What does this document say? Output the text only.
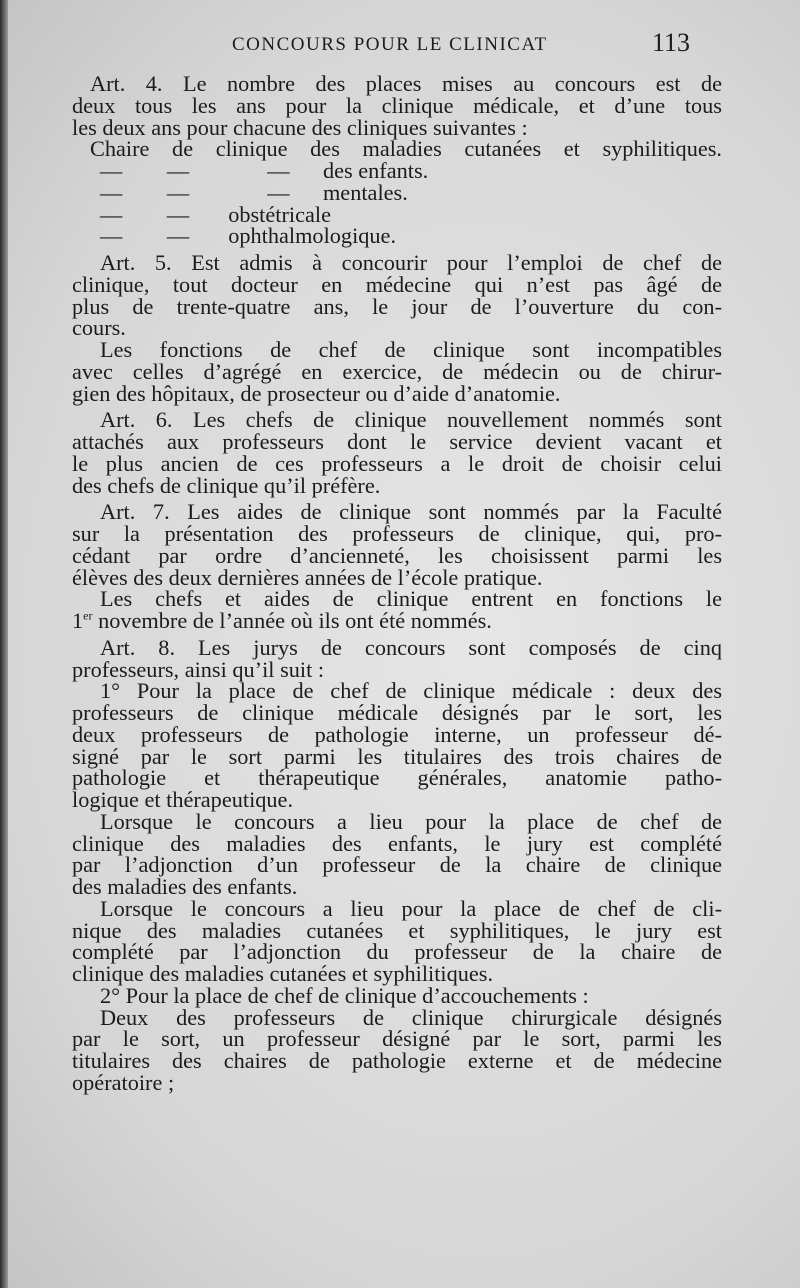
CONCOURS POUR LE CLINICAT	113
Art. 4. Le nombre des places mises au concours est de
deux tous les ans pour la clinique médicale, et d’une tous
les deux ans pour chacune des cliniques suivantes :
Chaire de clinique des maladies cutanées et syphilitiques.
—        —              —      des enfants.
—        —              —      mentales.
—        —       obstétricale
—        —       ophthalmologique.
Art. 5. Est admis à concourir pour l’emploi de chef de
clinique, tout docteur en médecine qui n’est pas âgé de
plus de trente-quatre ans, le jour de l’ouverture du con-
cours.
Les fonctions de chef de clinique sont incompatibles
avec celles d’agrégé en exercice, de médecin ou de chirur-
gien des hôpitaux, de prosecteur ou d’aide d’anatomie.
Art. 6. Les chefs de clinique nouvellement nommés sont
attachés aux professeurs dont le service devient vacant et
le plus ancien de ces professeurs a le droit de choisir celui
des chefs de clinique qu’il préfère.
Art. 7. Les aides de clinique sont nommés par la Faculté
sur la présentation des professeurs de clinique, qui, pro-
cédant par ordre d’ancienneté, les choisissent parmi les
élèves des deux dernières années de l’école pratique.
Les chefs et aides de clinique entrent en fonctions le
1er novembre de l’année où ils ont été nommés.
Art. 8. Les jurys de concours sont composés de cinq
professeurs, ainsi qu’il suit :
1° Pour la place de chef de clinique médicale : deux des
professeurs de clinique médicale désignés par le sort, les
deux professeurs de pathologie interne, un professeur dé-
signé par le sort parmi les titulaires des trois chaires de
pathologie et thérapeutique générales, anatomie patho-
logique et thérapeutique.
Lorsque le concours a lieu pour la place de chef de
clinique des maladies des enfants, le jury est complété
par l’adjonction d’un professeur de la chaire de clinique
des maladies des enfants.
Lorsque le concours a lieu pour la place de chef de cli-
nique des maladies cutanées et syphilitiques, le jury est
complété par l’adjonction du professeur de la chaire de
clinique des maladies cutanées et syphilitiques.
2° Pour la place de chef de clinique d’accouchements :
Deux des professeurs de clinique chirurgicale désignés
par le sort, un professeur désigné par le sort, parmi les
titulaires des chaires de pathologie externe et de médecine
opératoire ;
